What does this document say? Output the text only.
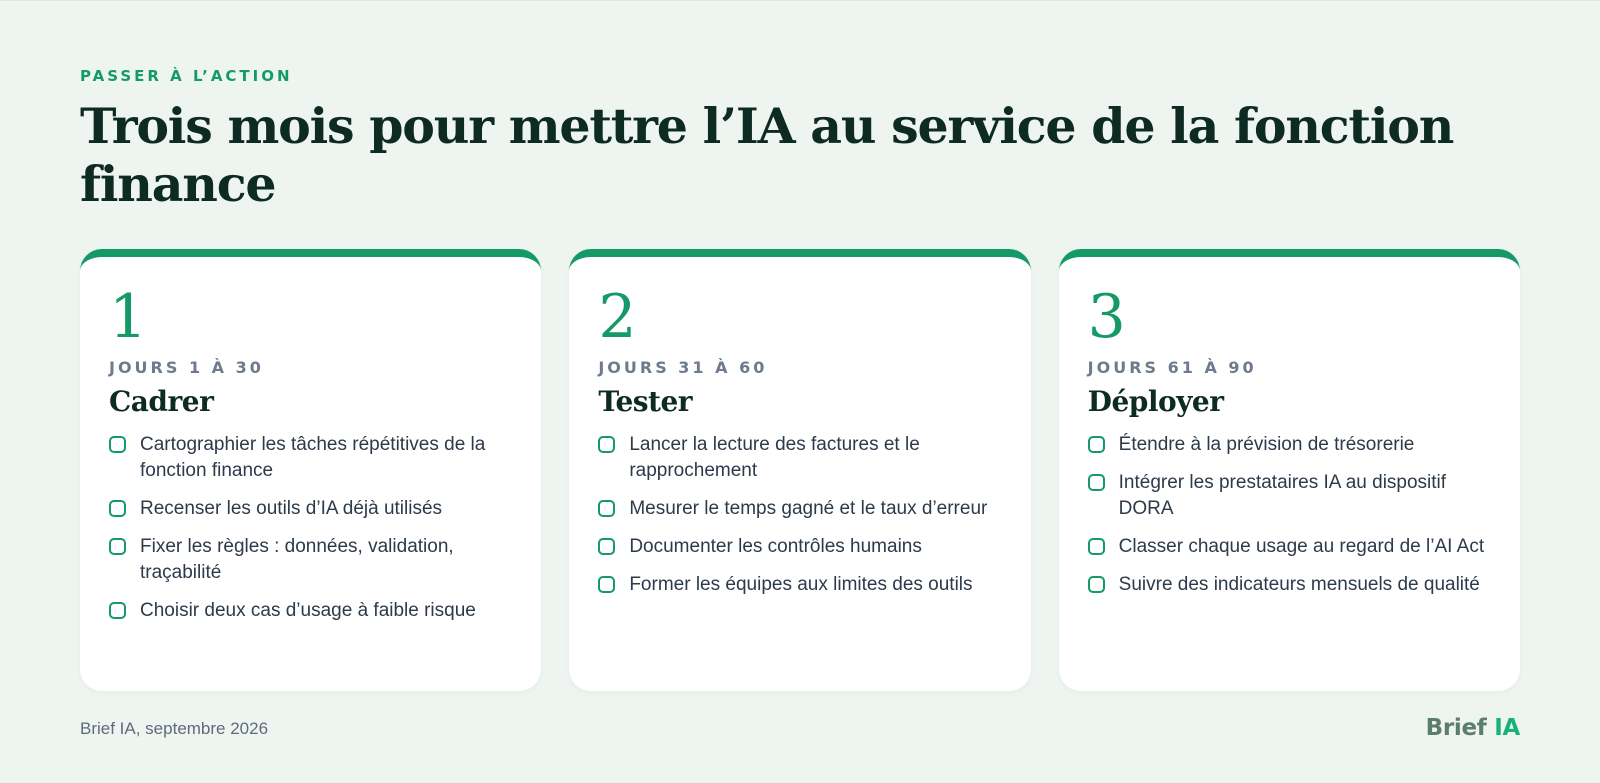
PASSER À L’ACTION
Trois mois pour mettre l’IA au service de la fonction finance
1
JOURS 1 À 30
Cadrer
Cartographier les tâches répétitives de la fonction finance
Recenser les outils d’IA déjà utilisés
Fixer les règles : données, validation, traçabilité
Choisir deux cas d’usage à faible risque
2
JOURS 31 À 60
Tester
Lancer la lecture des factures et le rapprochement
Mesurer le temps gagné et le taux d’erreur
Documenter les contrôles humains
Former les équipes aux limites des outils
3
JOURS 61 À 90
Déployer
Étendre à la prévision de trésorerie
Intégrer les prestataires IA au dispositif DORA
Classer chaque usage au regard de l’AI Act
Suivre des indicateurs mensuels de qualité
Brief IA, septembre 2026	Brief IA
